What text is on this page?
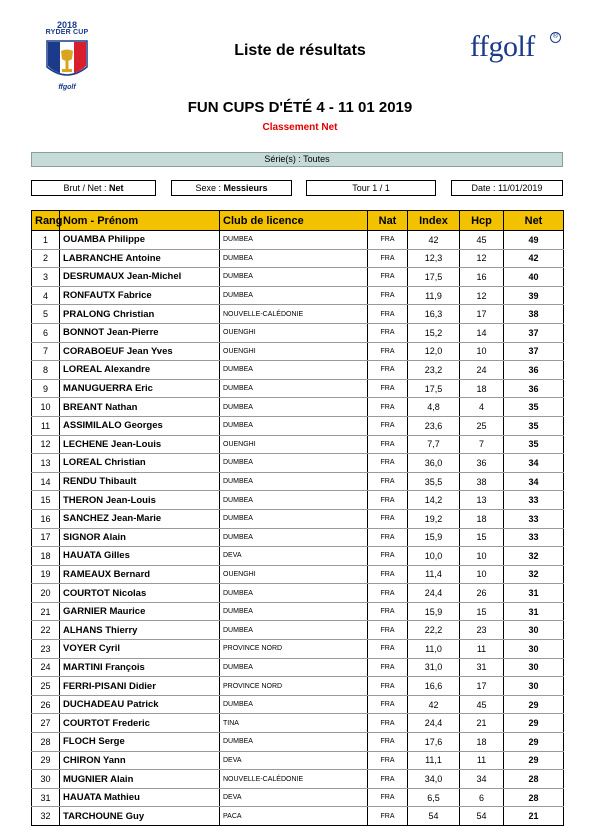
2018
RYDER CUP
ffgolf
Liste de résultats	ffgolf	®
FUN CUPS D'ÉTÉ 4 - 11 01 2019
Classement Net
Série(s) : Toutes
Brut / Net : Net	Sexe : Messieurs	Tour 1 / 1	Date : 11/01/2019
Rang	Nom - Prénom	Club de licence	Nat	Index	Hcp	Net
1	OUAMBA Philippe	DUMBEA	FRA	42	45	49
2	LABRANCHE Antoine	DUMBEA	FRA	12,3	12	42
3	DESRUMAUX Jean-Michel	DUMBEA	FRA	17,5	16	40
4	RONFAUTX Fabrice	DUMBEA	FRA	11,9	12	39
5	PRALONG Christian	NOUVELLE-CALÉDONIE	FRA	16,3	17	38
6	BONNOT Jean-Pierre	OUENGHI	FRA	15,2	14	37
7	CORABOEUF Jean Yves	OUENGHI	FRA	12,0	10	37
8	LOREAL Alexandre	DUMBEA	FRA	23,2	24	36
9	MANUGUERRA Eric	DUMBEA	FRA	17,5	18	36
10	BREANT Nathan	DUMBEA	FRA	4,8	4	35
11	ASSIMILALO Georges	DUMBEA	FRA	23,6	25	35
12	LECHENE Jean-Louis	OUENGHI	FRA	7,7	7	35
13	LOREAL Christian	DUMBEA	FRA	36,0	36	34
14	RENDU Thibault	DUMBEA	FRA	35,5	38	34
15	THERON Jean-Louis	DUMBEA	FRA	14,2	13	33
16	SANCHEZ Jean-Marie	DUMBEA	FRA	19,2	18	33
17	SIGNOR Alain	DUMBEA	FRA	15,9	15	33
18	HAUATA Gilles	DEVA	FRA	10,0	10	32
19	RAMEAUX Bernard	OUENGHI	FRA	11,4	10	32
20	COURTOT Nicolas	DUMBEA	FRA	24,4	26	31
21	GARNIER Maurice	DUMBEA	FRA	15,9	15	31
22	ALHANS Thierry	DUMBEA	FRA	22,2	23	30
23	VOYER Cyril	PROVINCE NORD	FRA	11,0	11	30
24	MARTINI François	DUMBEA	FRA	31,0	31	30
25	FERRI-PISANI Didier	PROVINCE NORD	FRA	16,6	17	30
26	DUCHADEAU Patrick	DUMBEA	FRA	42	45	29
27	COURTOT Frederic	TINA	FRA	24,4	21	29
28	FLOCH Serge	DUMBEA	FRA	17,6	18	29
29	CHIRON Yann	DEVA	FRA	11,1	11	29
30	MUGNIER Alain	NOUVELLE-CALÉDONIE	FRA	34,0	34	28
31	HAUATA Mathieu	DEVA	FRA	6,5	6	28
32	TARCHOUNE Guy	PACA	FRA	54	54	21
